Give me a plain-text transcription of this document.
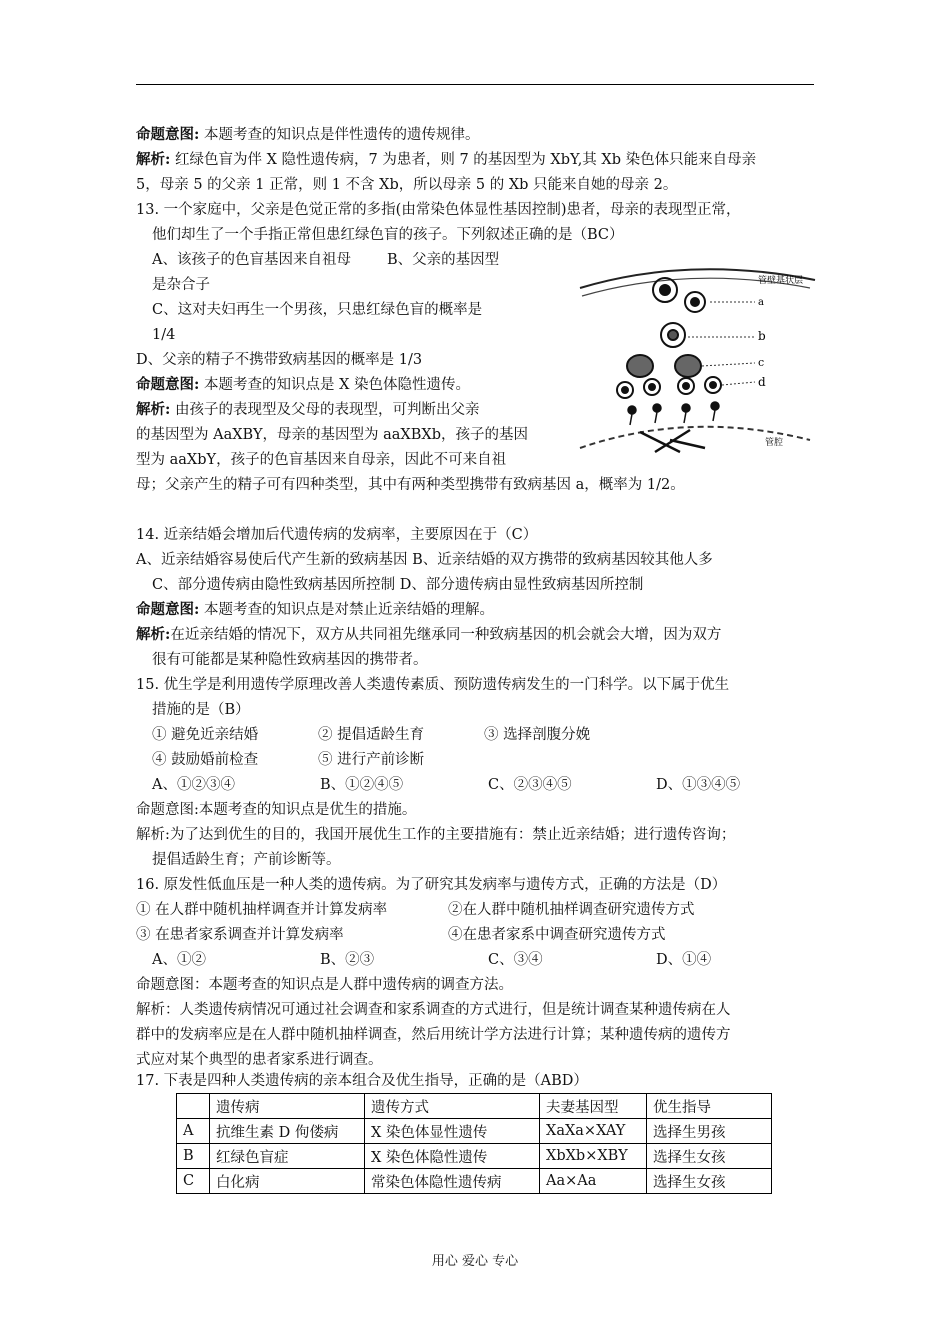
命题意图: 本题考查的知识点是伴性遗传的遗传规律。
解析: 红绿色盲为伴 X 隐性遗传病，7 为患者，则 7 的基因型为 XbY,其 Xb 染色体只能来自母亲
5，母亲 5 的父亲 1 正常，则 1 不含 Xb，所以母亲 5 的 Xb 只能来自她的母亲 2。
13. 一个家庭中，父亲是色觉正常的多指(由常染色体显性基因控制)患者，母亲的表现型正常，
他们却生了一个手指正常但患红绿色盲的孩子。下列叙述正确的是（BC）
A、该孩子的色盲基因来自祖母 B、父亲的基因型
是杂合子
C、这对夫妇再生一个男孩，只患红绿色盲的概率是
1/4
D、父亲的精子不携带致病基因的概率是 1/3
命题意图: 本题考查的知识点是 X 染色体隐性遗传。
解析: 由孩子的表现型及父母的表现型，可判断出父亲
的基因型为 AaXBY，母亲的基因型为 aaXBXb，孩子的基因
型为 aaXbY，孩子的色盲基因来自母亲，因此不可来自祖
母；父亲产生的精子可有四种类型，其中有两种类型携带有致病基因 a，概率为 1/2。
管壁基状层
a
b
c
d
管腔
14. 近亲结婚会增加后代遗传病的发病率，主要原因在于（C）
A、近亲结婚容易使后代产生新的致病基因 B、近亲结婚的双方携带的致病基因较其他人多
C、部分遗传病由隐性致病基因所控制 D、部分遗传病由显性致病基因所控制
命题意图: 本题考查的知识点是对禁止近亲结婚的理解。
解析:在近亲结婚的情况下，双方从共同祖先继承同一种致病基因的机会就会大增，因为双方
很有可能都是某种隐性致病基因的携带者。
15. 优生学是利用遗传学原理改善人类遗传素质、预防遗传病发生的一门科学。以下属于优生
措施的是（B）
① 避免近亲结婚	② 提倡适龄生育	③ 选择剖腹分娩
④ 鼓励婚前检查	⑤ 进行产前诊断
A、①②③④	B、①②④⑤	C、②③④⑤	D、①③④⑤
命题意图:本题考查的知识点是优生的措施。
解析:为了达到优生的目的，我国开展优生工作的主要措施有：禁止近亲结婚；进行遗传咨询；
提倡适龄生育；产前诊断等。
16. 原发性低血压是一种人类的遗传病。为了研究其发病率与遗传方式，正确的方法是（D）
① 在人群中随机抽样调查并计算发病率	②在人群中随机抽样调查研究遗传方式
③ 在患者家系调查并计算发病率	④在患者家系中调查研究遗传方式
A、①②	B、②③	C、③④	D、①④
命题意图：本题考查的知识点是人群中遗传病的调查方法。
解析：人类遗传病情况可通过社会调查和家系调查的方式进行，但是统计调查某种遗传病在人
群中的发病率应是在人群中随机抽样调查，然后用统计学方法进行计算；某种遗传病的遗传方
式应对某个典型的患者家系进行调查。
17. 下表是四种人类遗传病的亲本组合及优生指导，正确的是（ABD）
	遗传病	遗传方式	夫妻基因型	优生指导
A	抗维生素 D 佝偻病	X 染色体显性遗传	XaXa×XAY	选择生男孩
B	红绿色盲症	X 染色体隐性遗传	XbXb×XBY	选择生女孩
C	白化病	常染色体隐性遗传病	Aa×Aa	选择生女孩
用心 爱心 专心
